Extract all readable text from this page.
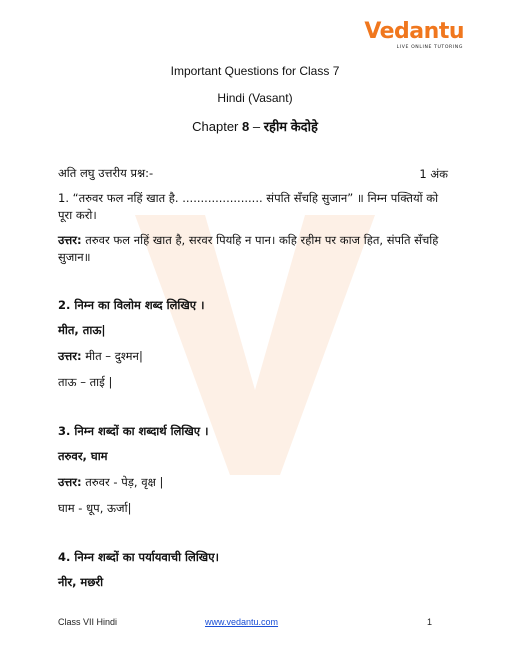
Vedantu
LIVE ONLINE TUTORING
Important Questions for Class 7
Hindi (Vasant)
Chapter 8 – रहीम केदोहे
अति लघु उत्तरीय प्रश्न:-	1 अंक
1. “तरुवर फल नहिं खात है. ...................... संपति सँचहि सुजान” ॥ निम्न पक्तियों को पूरा करो।
उत्तर: तरुवर फल नहिं खात है, सरवर पियहि न पान। कहि रहीम पर काज हित, संपति सँचहि सुजान॥
2. निम्न का विलोम शब्द लिखिए ।
मीत, ताऊ|
उत्तर: मीत – दुश्मन|
ताऊ – ताई |
3. निम्न शब्दों का शब्दार्थ लिखिए ।
तरुवर, घाम
उत्तर: तरुवर - पेड़, वृक्ष |
घाम - धूप, ऊर्जा|
4. निम्न शब्दों का पर्यायवाची लिखिए।
नीर, मछरी
Class VII Hindi	www.vedantu.com	1
